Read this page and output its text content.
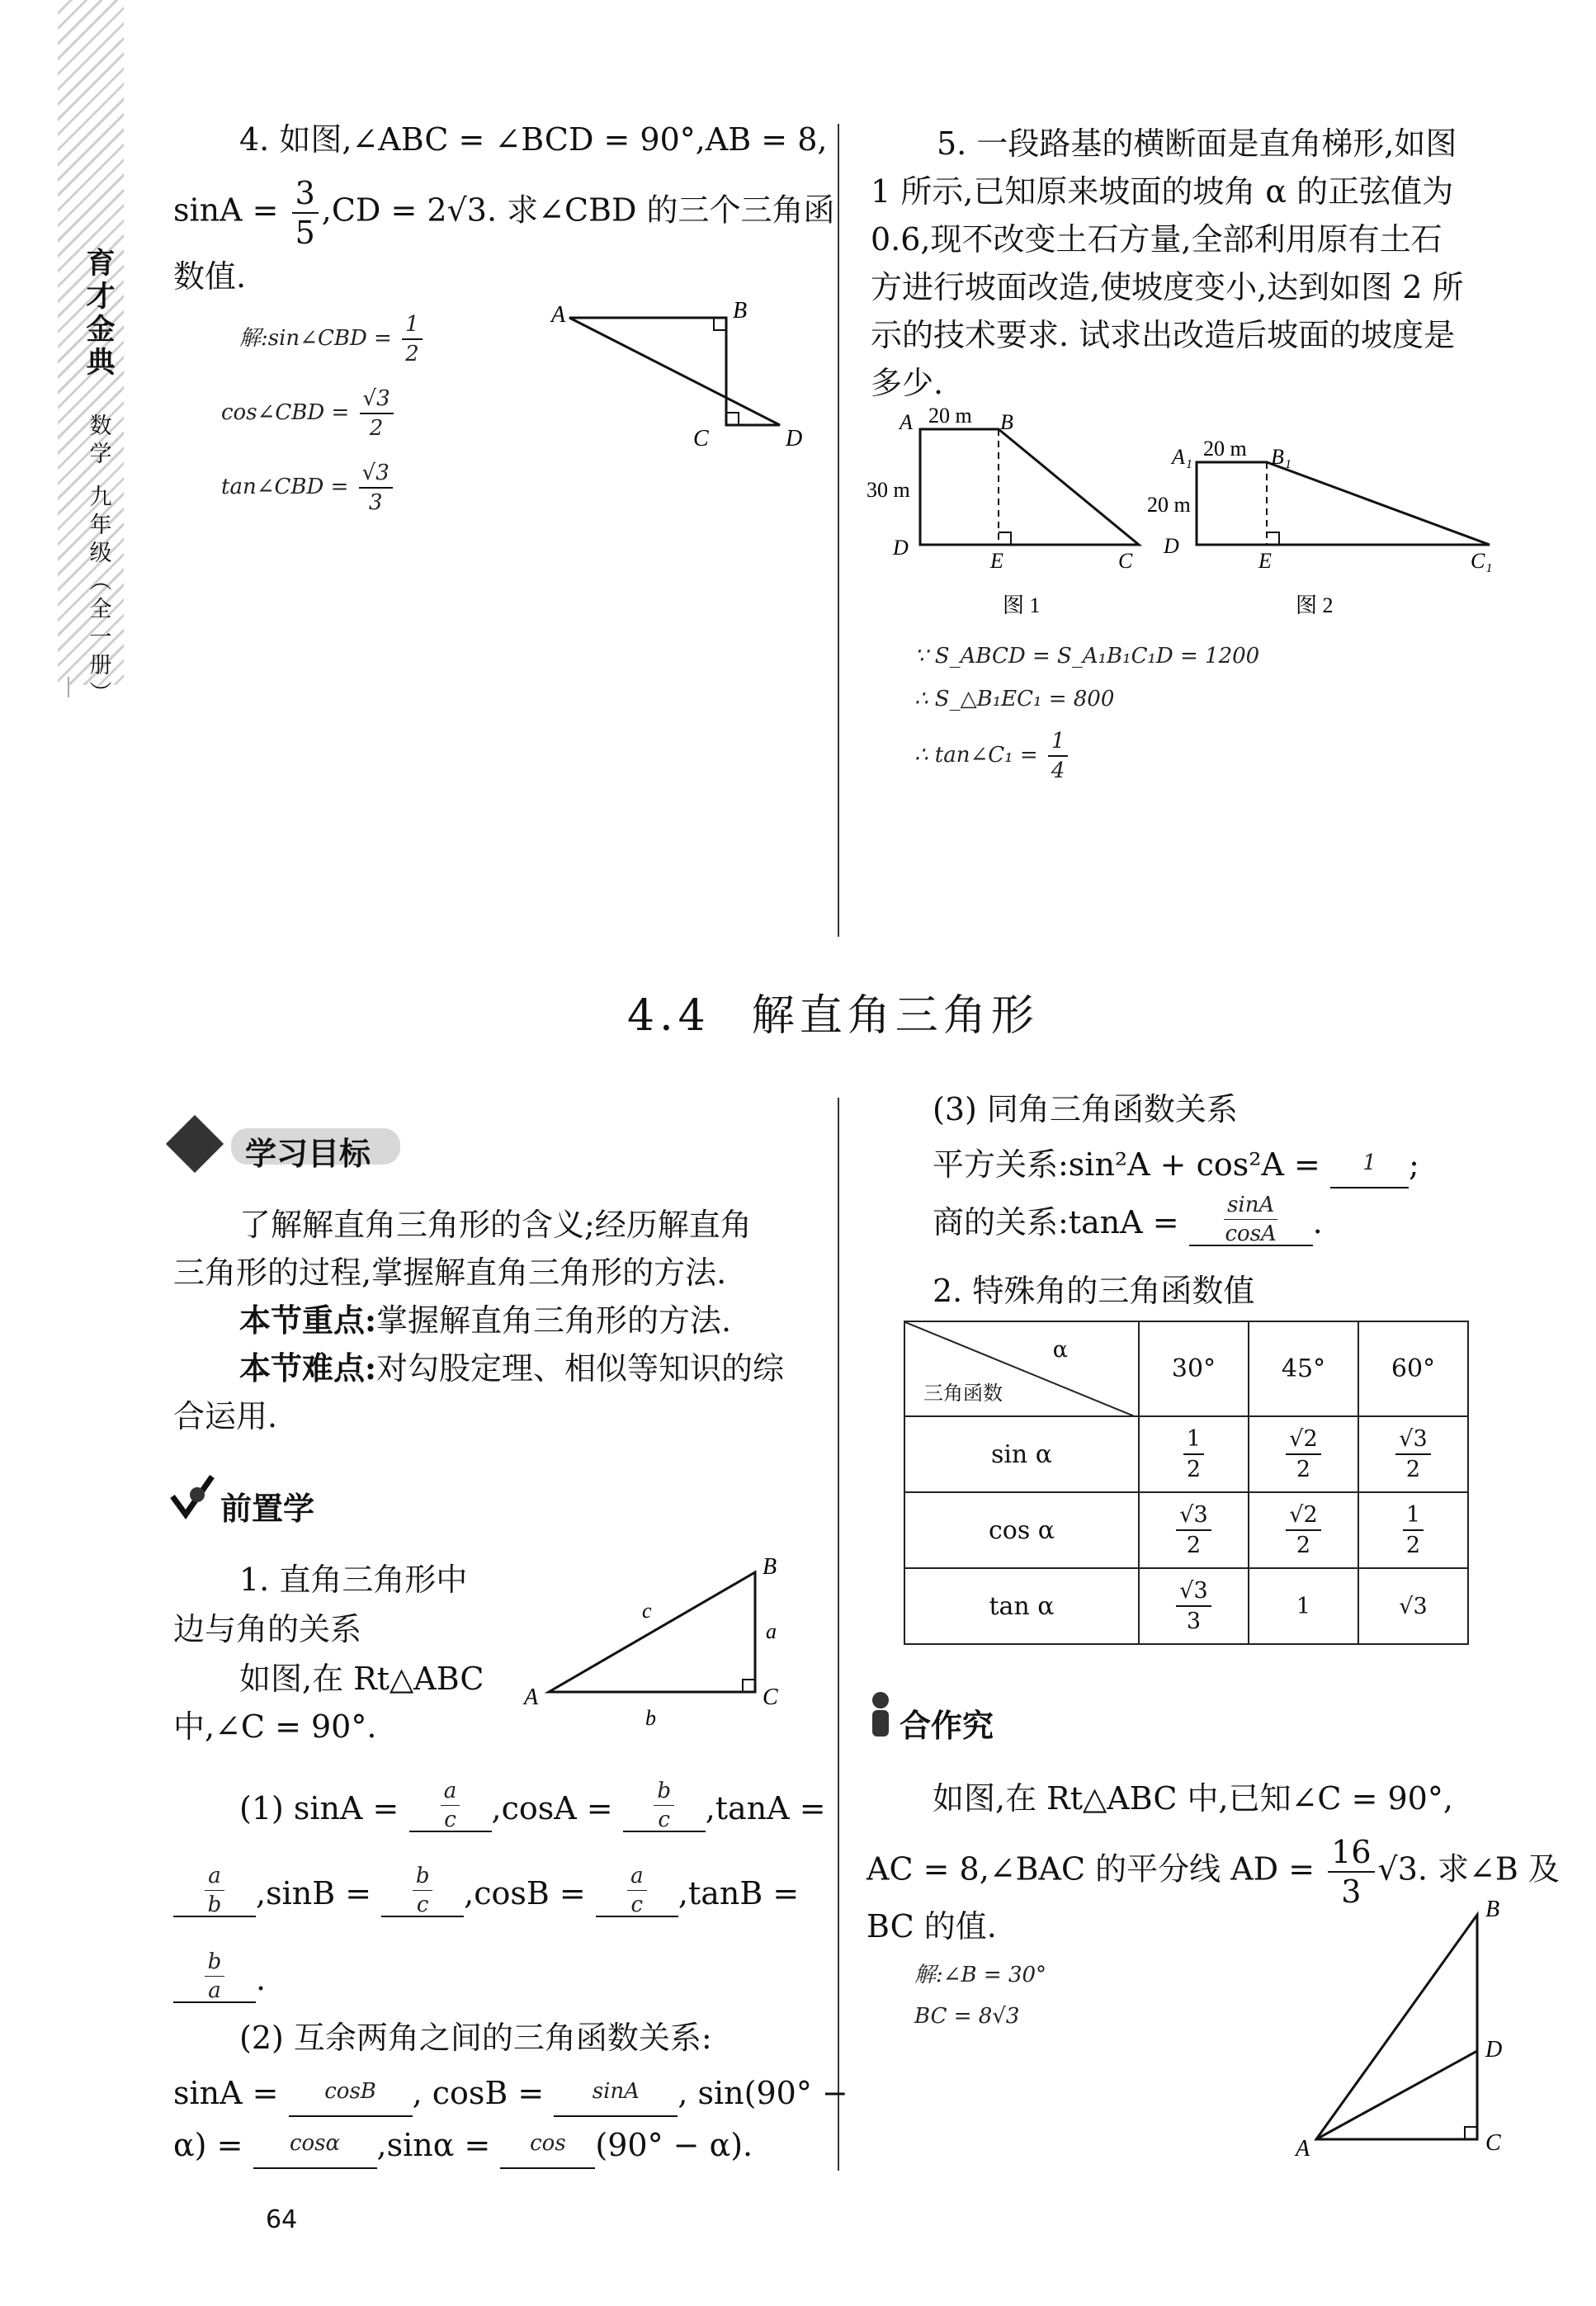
育
才
金
典
数
学
九
年
级
︵
全
一
册
︶
4. 如图,∠ABC = ∠BCD = 90°,AB = 8,
$\sin A = \frac{3}{5} ,CD = 2√3$. 求∠CBD 的三个三角函
数值.
解:sin∠CBD = $\frac{1}{2}$
cos∠CBD = $\frac{√3}{2}$
tan∠CBD = $\frac{√3}{3}$
A	B
C	D
5. 一段路基的横断面是直角梯形,如图
1 所示,已知原来坡面的坡角 α 的正弦值为
0.6,现不改变土石方量,全部利用原有土石
方进行坡面改造,使坡度变小,达到如图 2 所
示的技术要求. 试求出改造后坡面的坡度是
多少.
20 m
30 m
A	B
D
E	C
图 1
20 m
20 m
A₁	B₁
D
E	C₁
图 2
∵ S_ABCD = S_A₁B₁C₁D = 1200
∴ S_△B₁EC₁ = 800
∴ tan∠C₁ = $\frac{1}{4}$
4.4 解直角三角形
学习目标
了解解直角三角形的含义;经历解直角
三角形的过程,掌握解直角三角形的方法.
本节重点:掌握解直角三角形的方法.
本节难点:对勾股定理、相似等知识的综
合运用.
前置学
1. 直角三角形中
边与角的关系
如图,在 Rt△ABC
中,∠C = 90°.
A
B
C
a
b
c
(1) $\sin A = \frac{a}{c} ,\cos A = \frac{b}{c} ,\tan A$ =
$\frac{a}{b} ,\sin B = \frac{b}{c} ,\cos B = \frac{a}{c} ,\tan B$ =
$\frac{b}{a}$ .
(2) 互余两角之间的三角函数关系:
sinA = cosB , cosB = sinA , sin(90° −
α) = cosα ,sinα = cos (90° − α).
(3) 同角三角函数关系
平方关系:sin²A + cos²A = 1 ;
商的关系:tanA = $\frac{\sin A}{\cos A}$ .
2. 特殊角的三角函数值
α
三角函数	30°	45°	60°
sin α	$\frac{1}{2}$	$\frac{√2}{2}$	$\frac{√3}{2}$

cos α	$\frac{√3}{2}$	$\frac{√2}{2}$	$\frac{1}{2}$

tan α	$\frac{√3}{3}$	1	√3
合作究
如图,在 Rt△ABC 中,已知∠C = 90°,
AC = 8,∠BAC 的平分线 AD = $\frac{16}{3} √3$. 求∠B 及
BC 的值.
解:∠B = 30°
BC = 8√3
A
B
D
C
64
